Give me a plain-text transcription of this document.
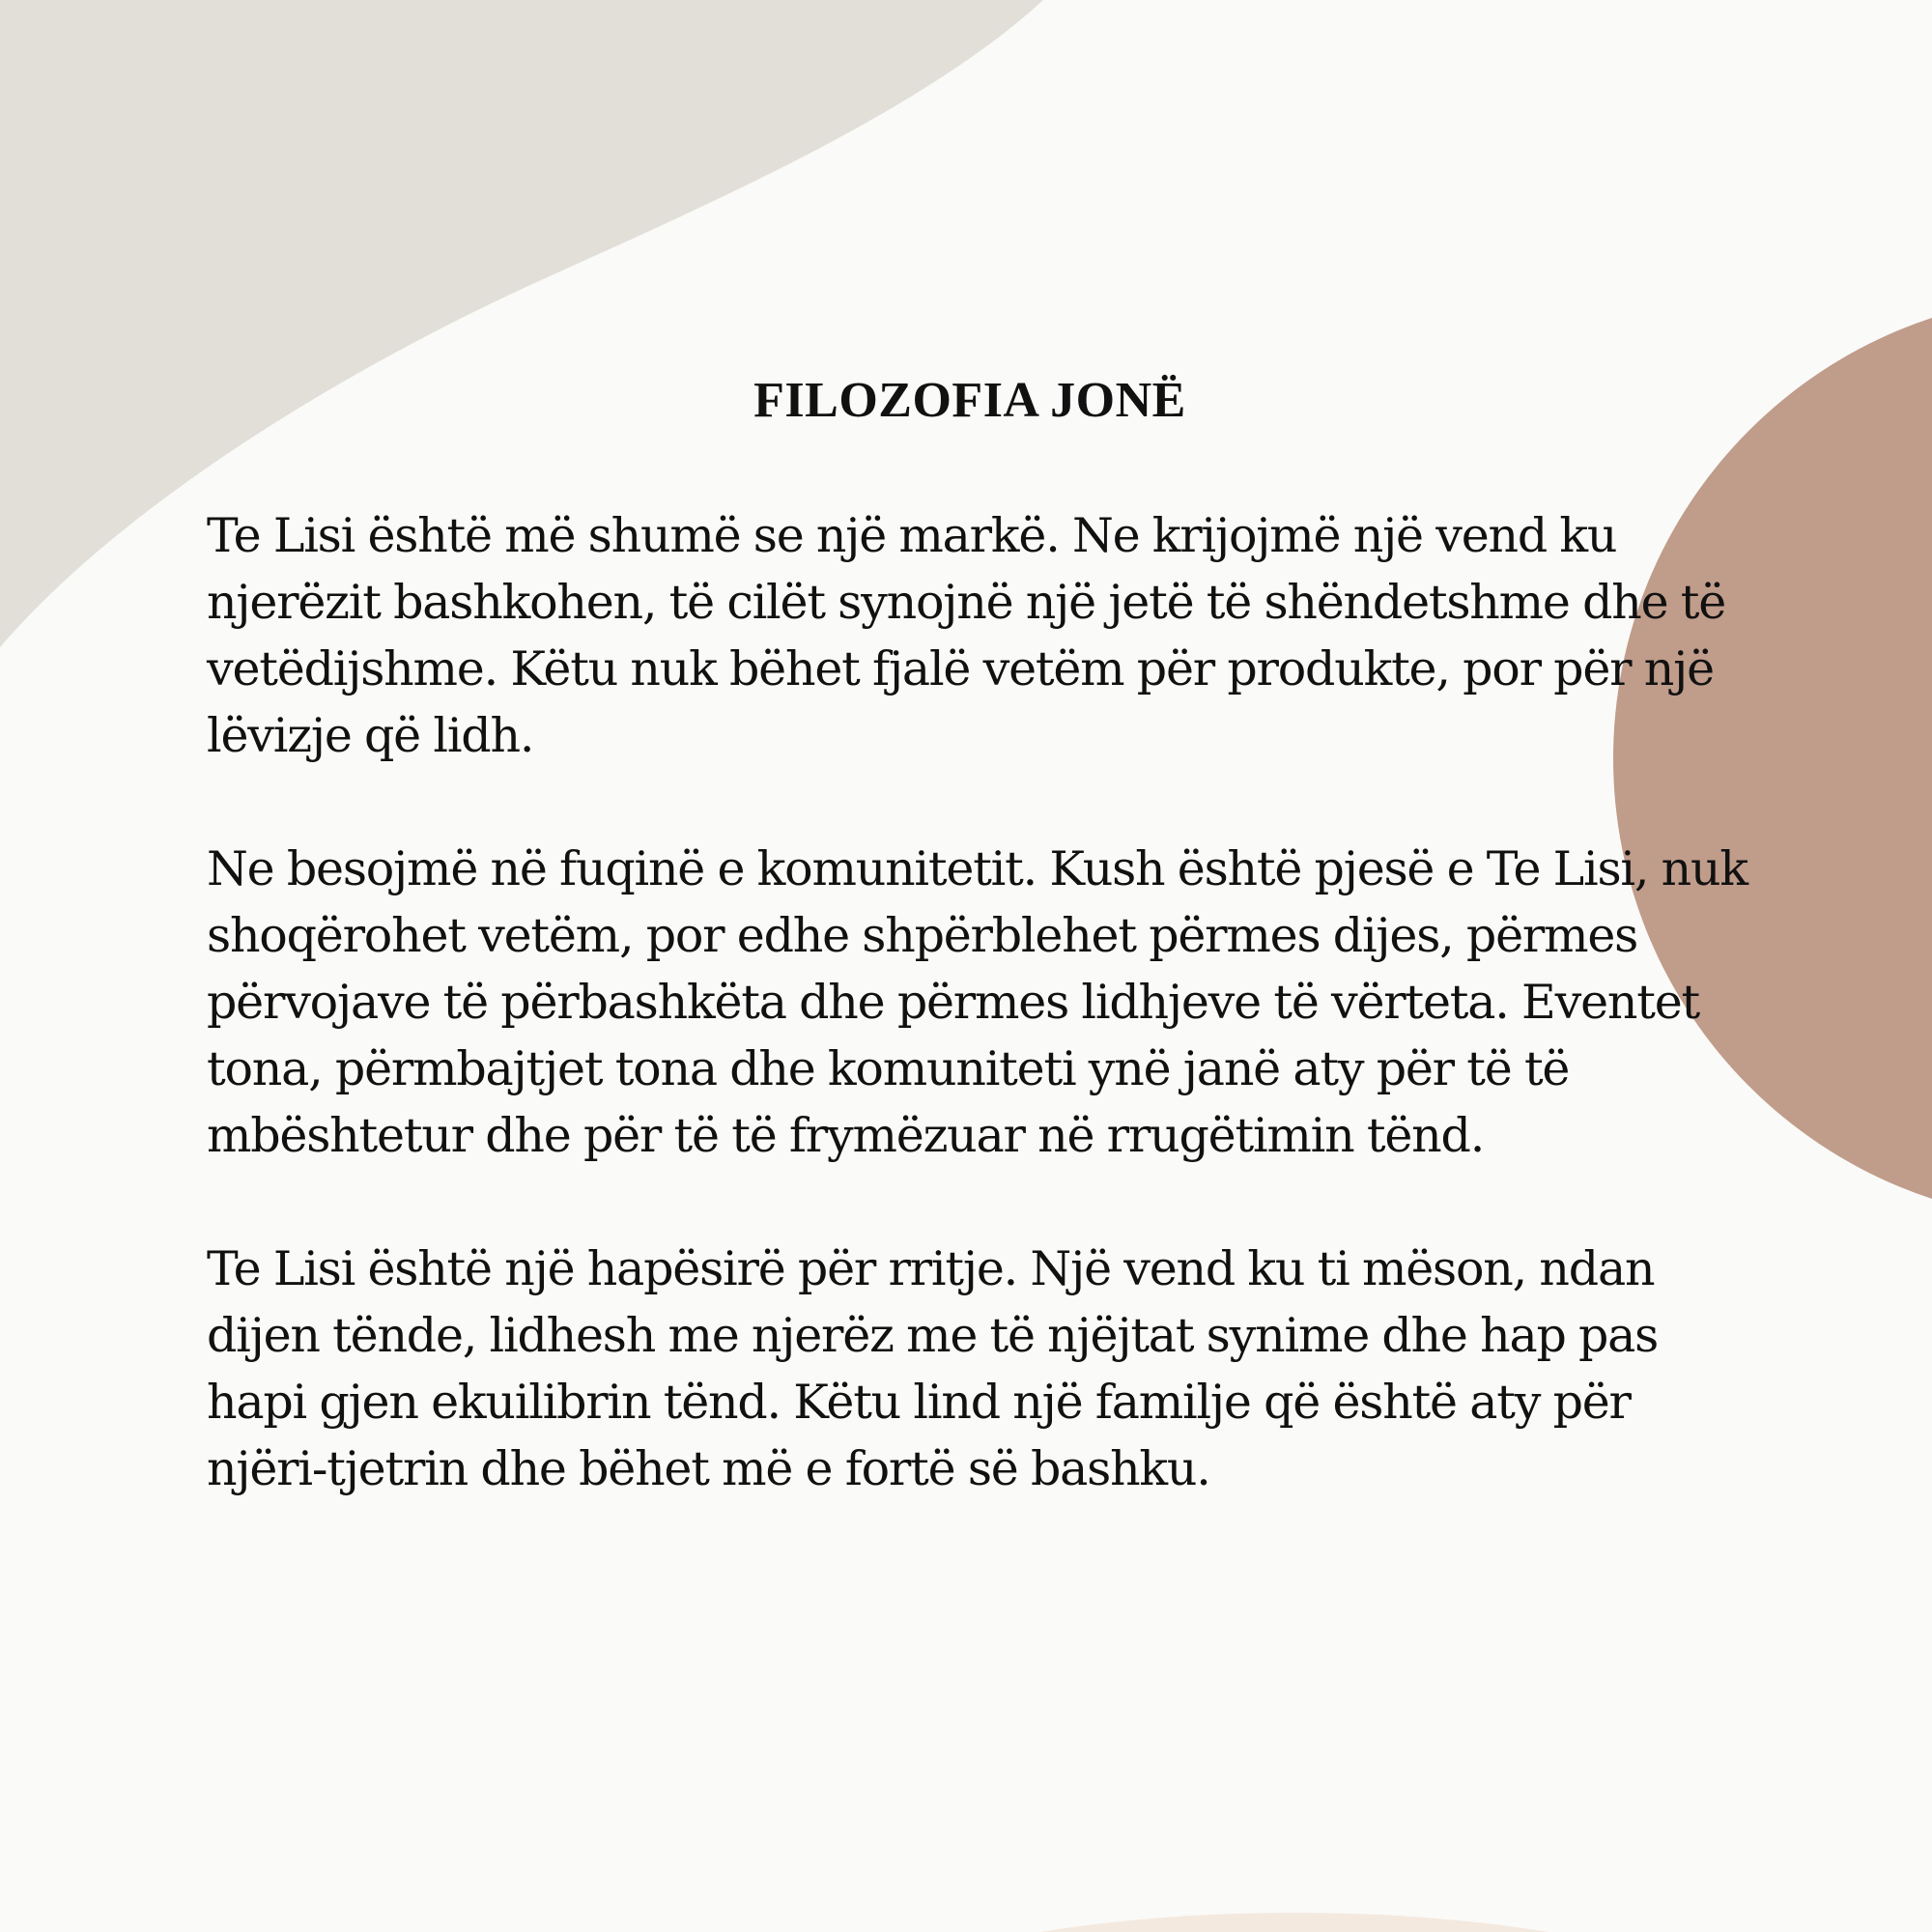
FILOZOFIA JONË

Te Lisi është më shumë se një markë. Ne krijojmë një vend ku
njerëzit bashkohen, të cilët synojnë një jetë të shëndetshme dhe të
vetëdijshme. Këtu nuk bëhet fjalë vetëm për produkte, por për një
lëvizje që lidh.

Ne besojmë në fuqinë e komunitetit. Kush është pjesë e Te Lisi, nuk
shoqërohet vetëm, por edhe shpërblehet përmes dijes, përmes
përvojave të përbashkëta dhe përmes lidhjeve të vërteta. Eventet
tona, përmbajtjet tona dhe komuniteti ynë janë aty për të të
mbështetur dhe për të të frymëzuar në rrugëtimin tënd.

Te Lisi është një hapësirë për rritje. Një vend ku ti mëson, ndan
dijen tënde, lidhesh me njerëz me të njëjtat synime dhe hap pas
hapi gjen ekuilibrin tënd. Këtu lind një familje që është aty për
njëri-tjetrin dhe bëhet më e fortë së bashku.
